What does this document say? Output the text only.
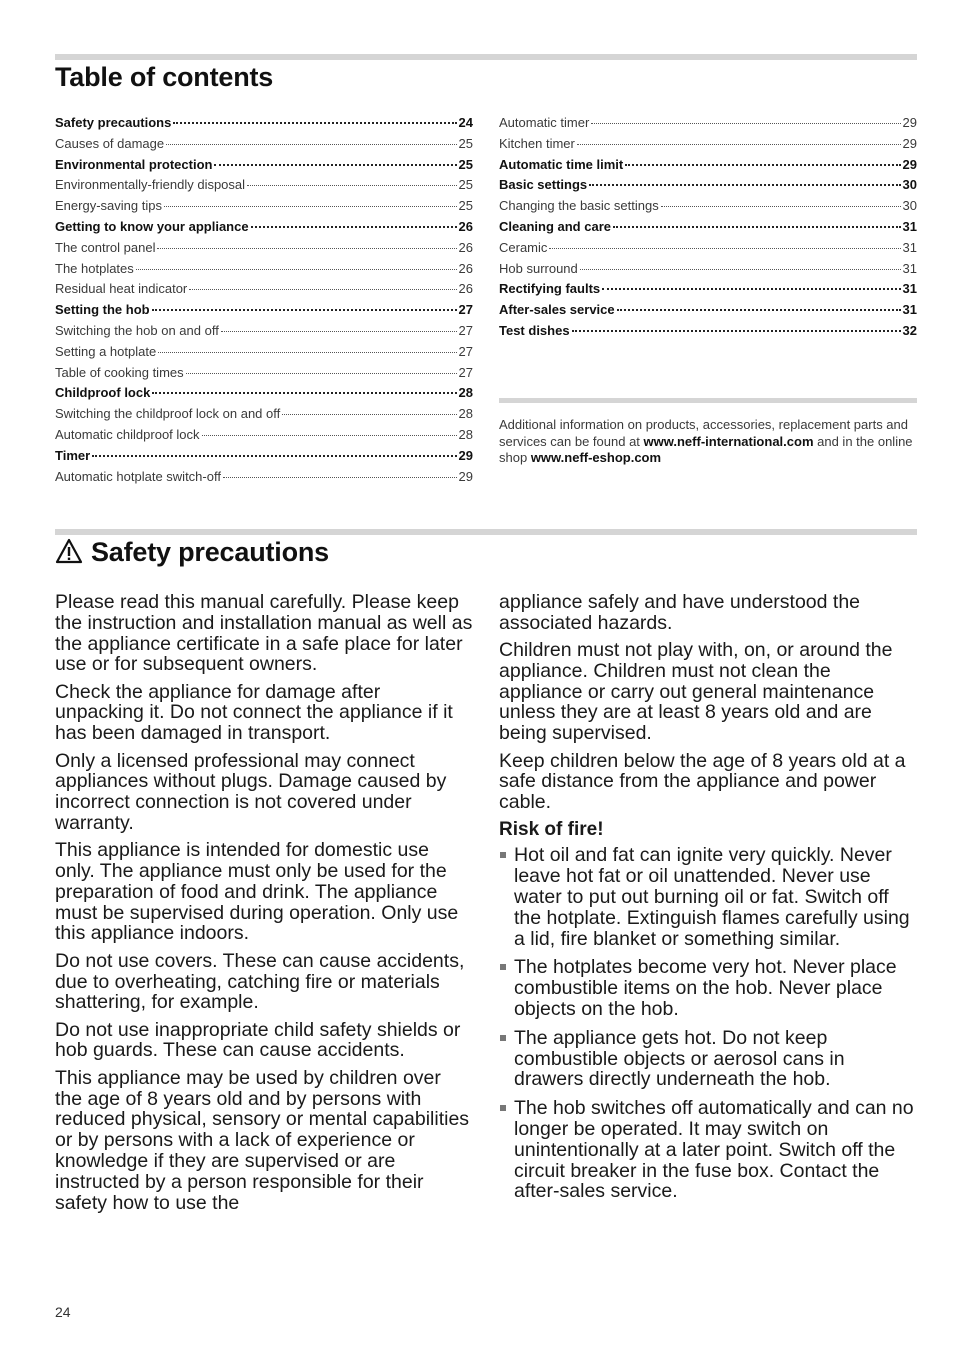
Table of contents
Safety precautions	24
Causes of damage	25
Environmental protection	25
Environmentally-friendly disposal	25
Energy-saving tips	25
Getting to know your appliance	26
The control panel	26
The hotplates	26
Residual heat indicator	26
Setting the hob	27
Switching the hob on and off	27
Setting a hotplate	27
Table of cooking times	27
Childproof lock	28
Switching the childproof lock on and off	28
Automatic childproof lock	28
Timer	29
Automatic hotplate switch-off	29
Automatic timer	29
Kitchen timer	29
Automatic time limit	29
Basic settings	30
Changing the basic settings	30
Cleaning and care	31
Ceramic	31
Hob surround	31
Rectifying faults	31
After-sales service	31
Test dishes	32
Additional information on products, accessories, replacement parts and services can be found at www.neff-international.com and in the online shop www.neff-eshop.com
Safety precautions

Please read this manual carefully. Please keep the instruction and installation manual as well as the appliance certificate in a safe place for later use or for subsequent owners.

Check the appliance for damage after unpacking it. Do not connect the appliance if it has been damaged in transport.

Only a licensed professional may connect appliances without plugs. Damage caused by incorrect connection is not covered under warranty.

This appliance is intended for domestic use only. The appliance must only be used for the preparation of food and drink. The appliance must be supervised during operation. Only use this appliance indoors.

Do not use covers. These can cause accidents, due to overheating, catching fire or materials shattering, for example.

Do not use inappropriate child safety shields or hob guards. These can cause accidents.

This appliance may be used by children over the age of 8 years old and by persons with reduced physical, sensory or mental capabilities or by persons with a lack of experience or knowledge if they are supervised or are instructed by a person responsible for their safety how to use the

appliance safely and have understood the associated hazards.

Children must not play with, on, or around the appliance. Children must not clean the appliance or carry out general maintenance unless they are at least 8 years old and are being supervised.

Keep children below the age of 8 years old at a safe distance from the appliance and power cable.

Risk of fire!
Hot oil and fat can ignite very quickly. Never leave hot fat or oil unattended. Never use water to put out burning oil or fat. Switch off the hotplate. Extinguish flames carefully using a lid, fire blanket or something similar.
The hotplates become very hot. Never place combustible items on the hob. Never place objects on the hob.
The appliance gets hot. Do not keep combustible objects or aerosol cans in drawers directly underneath the hob.
The hob switches off automatically and can no longer be operated. It may switch on unintentionally at a later point. Switch off the circuit breaker in the fuse box. Contact the after-sales service.
24
